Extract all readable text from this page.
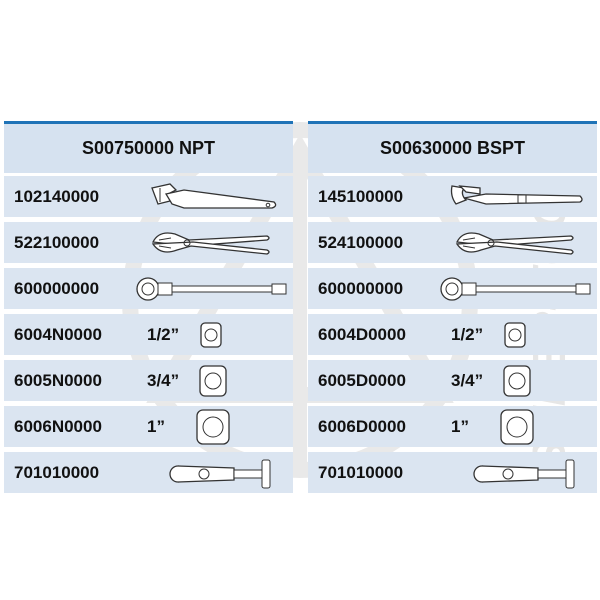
S00750000 NPT
102140000
522100000
600000000
6004N0000	1/2”
6005N0000	3/4”
6006N0000	1”
701010000
S00630000 BSPT
145100000
524100000
600000000
6004D0000	1/2”
6005D0000	3/4”
6006D0000	1”
701010000
